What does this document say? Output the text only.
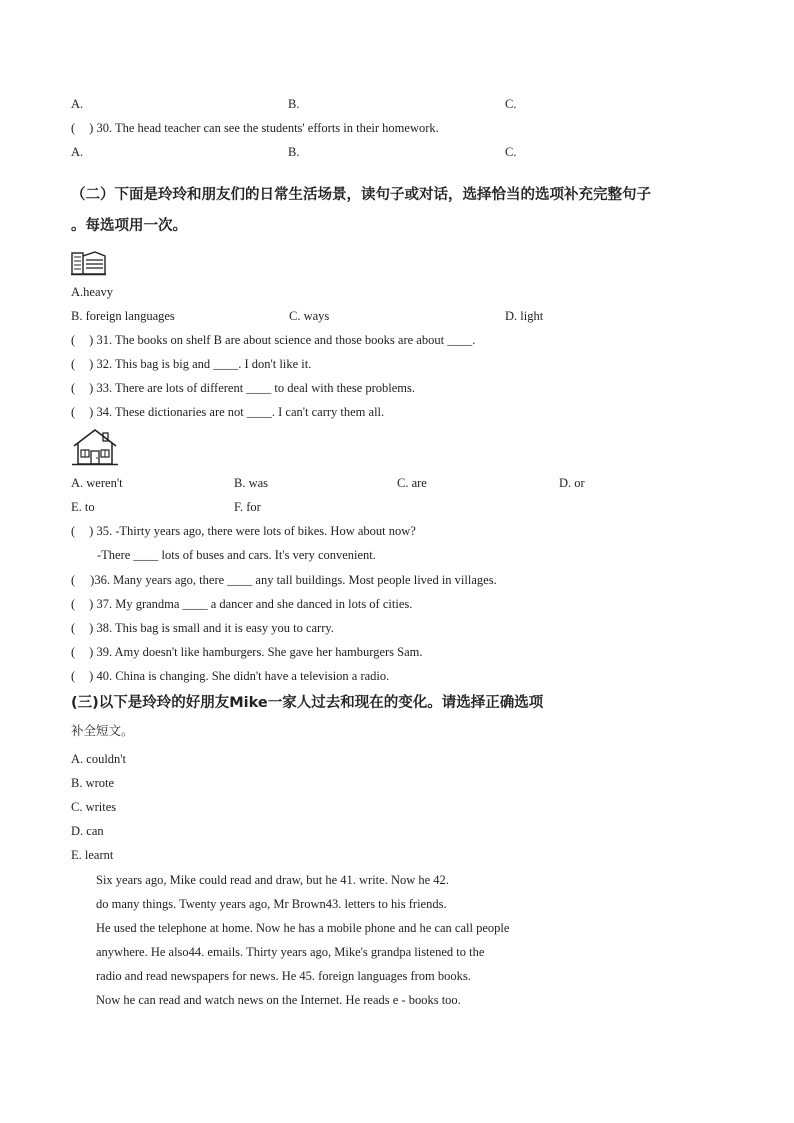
A.	B.	C.
( ) 30. The head teacher can see the students' efforts in their homework.
A.	B.	C.
（二）下面是玲玲和朋友们的日常生活场景，读句子或对话，选择恰当的选项补充完整句子
。每选项用一次。
A.heavy
B. foreign languages	C. ways	D. light
( ) 31. The books on shelf B are about science and those books are about ____.
( ) 32. This bag is big and ____. I don't like it.
( ) 33. There are lots of different ____ to deal with these problems.
( ) 34. These dictionaries are not ____. I can't carry them all.
A. weren't	B. was	C. are	D. or
E. to	F. for
( ) 35. -Thirty years ago, there were lots of bikes. How about now?
-There ____ lots of buses and cars. It's very convenient.
( )36. Many years ago, there ____ any tall buildings. Most people lived in villages.
( ) 37. My grandma ____ a dancer and she danced in lots of cities.
( ) 38. This bag is small and it is easy you to carry.
( ) 39. Amy doesn't like hamburgers. She gave her hamburgers Sam.
( ) 40. China is changing. She didn't have a television a radio.
(三)以下是玲玲的好朋友Mike一家人过去和现在的变化。请选择正确选项
补全短文。
A. couldn't
B. wrote
C. writes
D. can
E. learnt
Six years ago, Mike could read and draw, but he 41. write. Now he 42.
do many things. Twenty years ago, Mr Brown43. letters to his friends.
He used the telephone at home. Now he has a mobile phone and he can call people
anywhere. He also44. emails. Thirty years ago, Mike's grandpa listened to the
radio and read newspapers for news. He 45. foreign languages from books.
Now he can read and watch news on the Internet. He reads e - books too.
